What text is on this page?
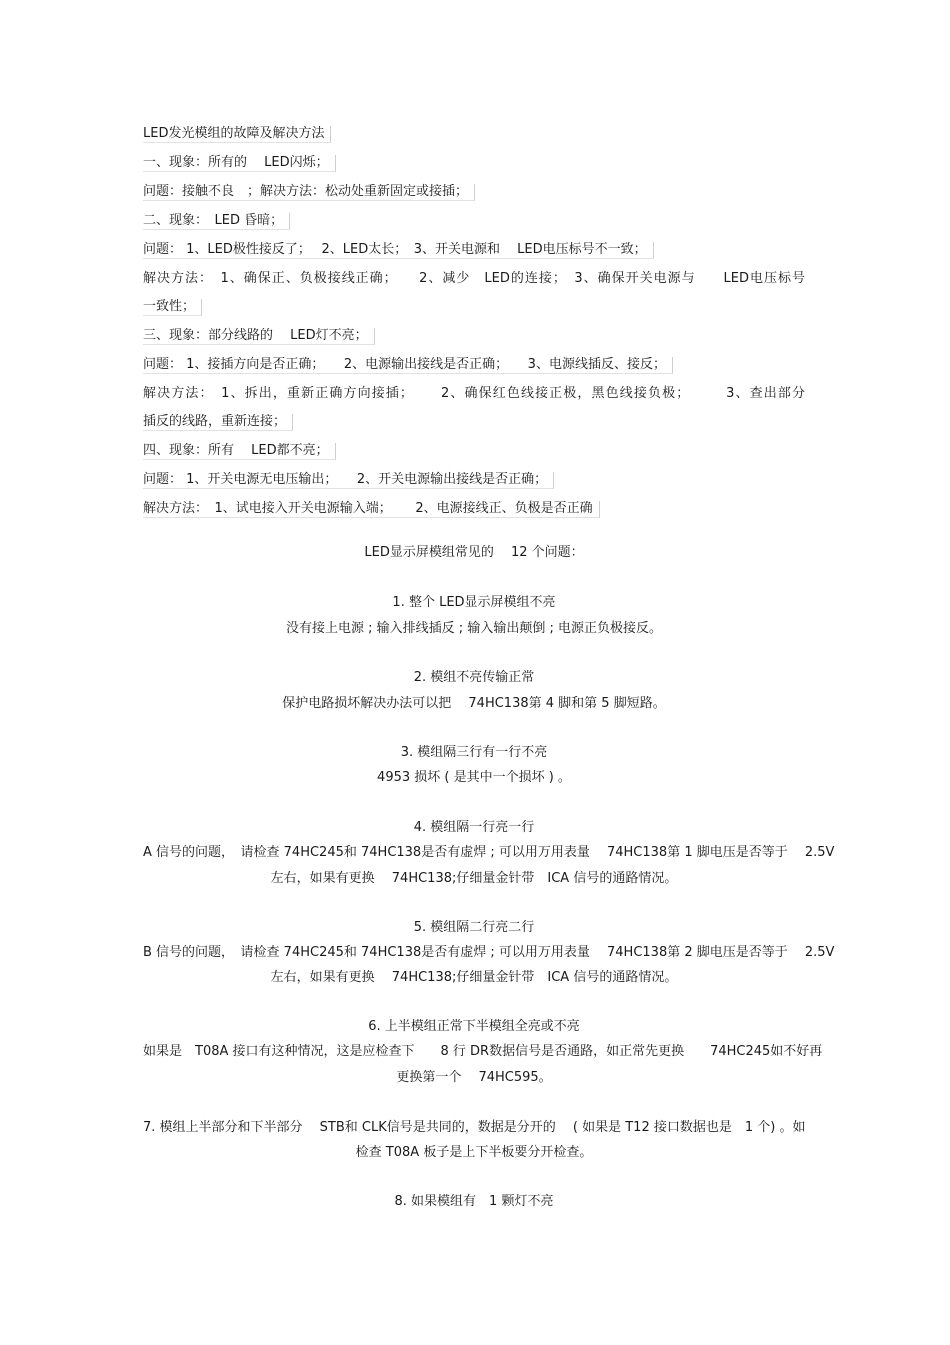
LED发光模组的故障及解决方法
一、现象：所有的　 LED闪烁；
问题：接触不良　；解决方法：松动处重新固定或接插；
二、现象：　LED 昏暗；
问题： 1、LED极性接反了；　 2、LED太长；　3、开关电源和　 LED电压标号不一致；
解决方法：　1、确保正、负极接线正确；　　2、减少　LED的连接；　3、确保开关电源与　　LED电压标号
一致性；
三、现象：部分线路的　 LED灯不亮；
问题： 1、接插方向是否正确；　　2、电源输出接线是否正确；　　3、电源线插反、接反；
解决方法：　1、拆出，重新正确方向接插；　　 2、确保红色线接正极，黑色线接负极；　　　3、查出部分
插反的线路，重新连接；
四、现象：所有　 LED都不亮；
问题： 1、开关电源无电压输出；　　2、开关电源输出接线是否正确；
解决方法：　1、试电接入开关电源输入端；　　 2、电源接线正、负极是否正确
LED显示屏模组常见的　 12 个问题：
1. 整个 LED显示屏模组不亮
没有接上电源 ; 输入排线插反 ; 输入输出颠倒 ; 电源正负极接反。
2. 模组不亮传输正常
保护电路损坏解决办法可以把　 74HC138第 4 脚和第 5 脚短路。
3. 模组隔三行有一行不亮
4953 损坏 ( 是其中一个损坏 ) 。
4. 模组隔一行亮一行
A 信号的问题，　请检查 74HC245和 74HC138是否有虚焊 ; 可以用万用表量　 74HC138第 1 脚电压是否等于　 2.5V
左右，如果有更换　 74HC138;仔细量金针带　ICA 信号的通路情况。
5. 模组隔二行亮二行
B 信号的问题，　请检查 74HC245和 74HC138是否有虚焊 ; 可以用万用表量　 74HC138第 2 脚电压是否等于　 2.5V
左右，如果有更换　 74HC138;仔细量金针带　ICA 信号的通路情况。
6. 上半模组正常下半模组全亮或不亮
如果是　T08A 接口有这种情况，这是应检查下　　8 行 DR数据信号是否通路，如正常先更换　　74HC245如不好再
更换第一个　 74HC595。
7. 模组上半部分和下半部分　 STB和 CLK信号是共同的，数据是分开的　 ( 如果是 T12 接口数据也是　1 个) 。如
检查 T08A 板子是上下半板要分开检查。
8. 如果模组有　1 颗灯不亮
